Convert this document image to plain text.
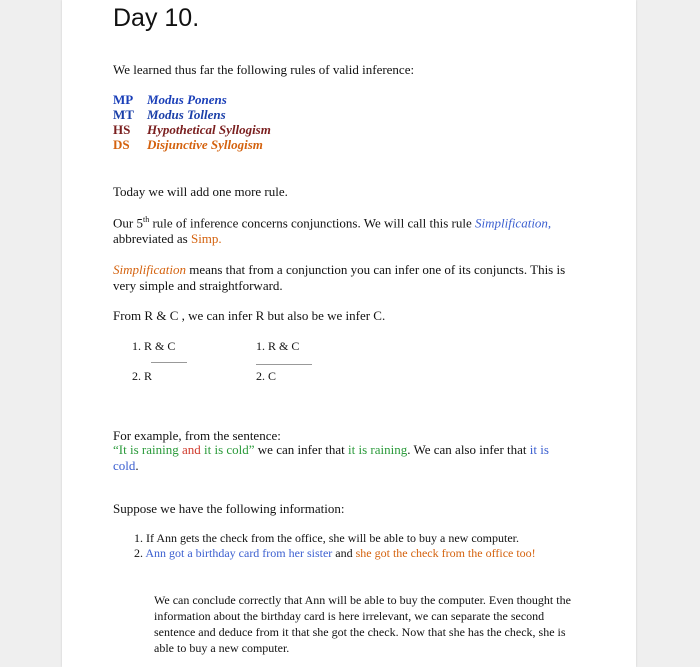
Day 10.
We learned thus far the following rules of valid inference:
MP Modus Ponens
MT Modus Tollens
HS Hypothetical Syllogism
DS Disjunctive Syllogism
Today we will add one more rule.
Our 5th rule of inference concerns conjunctions. We will call this rule Simplification,
abbreviated as Simp.
Simplification means that from a conjunction you can infer one of its conjuncts. This is
very simple and straightforward.
From R & C , we can infer R but also be we infer C.
1. R & C
2. R
1. R & C
2. C
For example, from the sentence:
“It is raining and it is cold” we can infer that it is raining. We can also infer that it is
cold.
Suppose we have the following information:
1. If Ann gets the check from the office, she will be able to buy a new computer.
2. Ann got a birthday card from her sister and she got the check from the office too!
We can conclude correctly that Ann will be able to buy the computer. Even thought the
information about the birthday card is here irrelevant, we can separate the second
sentence and deduce from it that she got the check. Now that she has the check, she is
able to buy a new computer.
